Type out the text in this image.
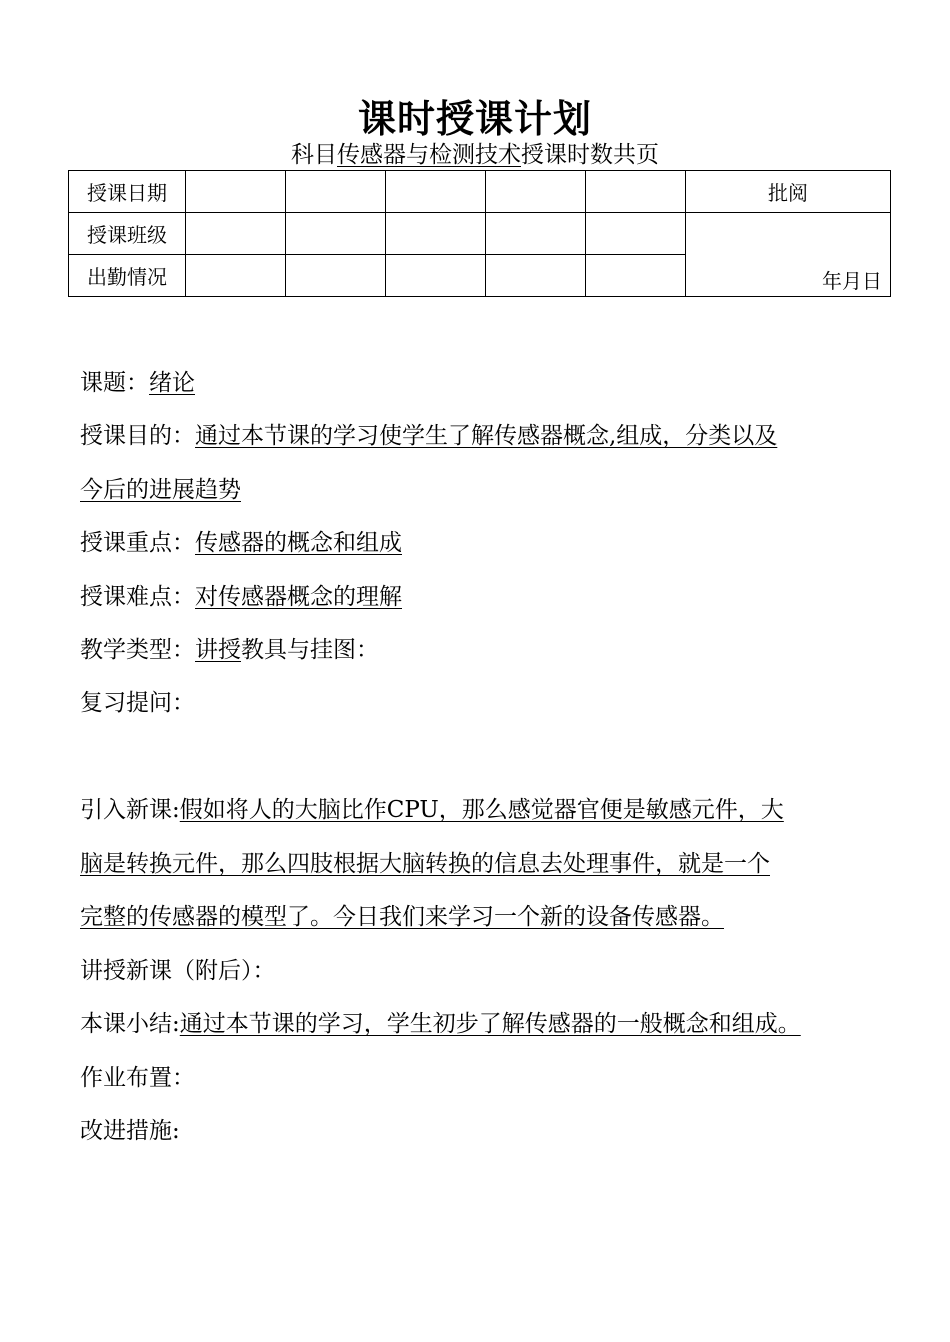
课时授课计划
科目传感器与检测技术授课时数共页
授课日期						批阅
授课班级						年月日
出勤情况						
课题：绪论
授课目的：通过本节课的学习使学生了解传感器概念,组成，分类以及
今后的进展趋势
授课重点：传感器的概念和组成
授课难点：对传感器概念的理解
教学类型：讲授教具与挂图：
复习提问：
引入新课:假如将人的大脑比作CPU，那么感觉器官便是敏感元件，大
脑是转换元件，那么四肢根据大脑转换的信息去处理事件，就是一个
完整的传感器的模型了。今日我们来学习一个新的设备传感器。
讲授新课（附后）：
本课小结:通过本节课的学习，学生初步了解传感器的一般概念和组成。
作业布置：
改进措施:
